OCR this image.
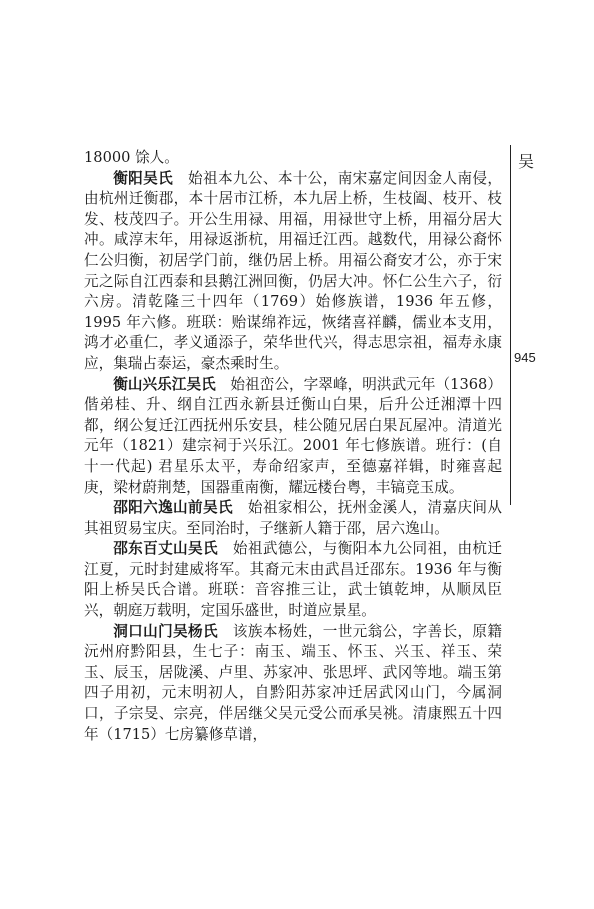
吴
945

18000 馀人。

衡阳吴氏  始祖本九公、本十公，南宋嘉定间因金人南侵，由杭州迁衡郡，本十居市江桥，本九居上桥，生枝阖、枝开、枝发、枝茂四子。开公生用禄、用福，用禄世守上桥，用福分居大冲。咸淳末年，用禄返浙杭，用福迁江西。越数代，用禄公裔怀仁公归衡，初居学门前，继仍居上桥。用福公裔安才公，亦于宋元之际自江西泰和县鹅江洲回衡，仍居大冲。怀仁公生六子，衍六房。清乾隆三十四年（1769）始修族谱，1936 年五修，1995 年六修。班联：贻谋绵祚远，恢绪喜祥麟，儒业本支用，鸿才必重仁，孝义通添子，荣华世代兴，得志思宗祖，福寿永康应，集瑞占泰运，豪杰乘时生。

衡山兴乐江吴氏  始祖峦公，字翠峰，明洪武元年（1368）偕弟桂、升、纲自江西永新县迁衡山白果，后升公迁湘潭十四都，纲公复迁江西抚州乐安县，桂公随兄居白果瓦屋冲。清道光元年（1821）建宗祠于兴乐江。2001 年七修族谱。班行：(自十一代起) 君星乐太平，寿命绍家声，至德嘉祥辑，时雍喜起庚，梁材蔚荆楚，国器重南衡，耀远楼台粤，丰镐竞玉成。

邵阳六逸山前吴氏  始祖家相公，抚州金溪人，清嘉庆间从其祖贸易宝庆。至同治时，子继新人籍于邵，居六逸山。

邵东百丈山吴氏  始祖武德公，与衡阳本九公同祖，由杭迁江夏，元时封建威将军。其裔元末由武昌迁邵东。1936 年与衡阳上桥吴氏合谱。班联：音容推三让，武士镇乾坤，从顺凤臣兴，朝庭万载明，定国乐盛世，时道应景星。

洞口山门吴杨氏  该族本杨姓，一世元翁公，字善长，原籍沅州府黔阳县，生七子：南玉、端玉、怀玉、兴玉、祥玉、荣玉、辰玉，居陇溪、卢里、苏家冲、张思坪、武冈等地。端玉第四子用初，元末明初人，自黔阳苏家冲迁居武冈山门，今属洞口，子宗旻、宗亮，伴居继父吴元受公而承吴祧。清康熙五十四年（1715）七房纂修草谱，
